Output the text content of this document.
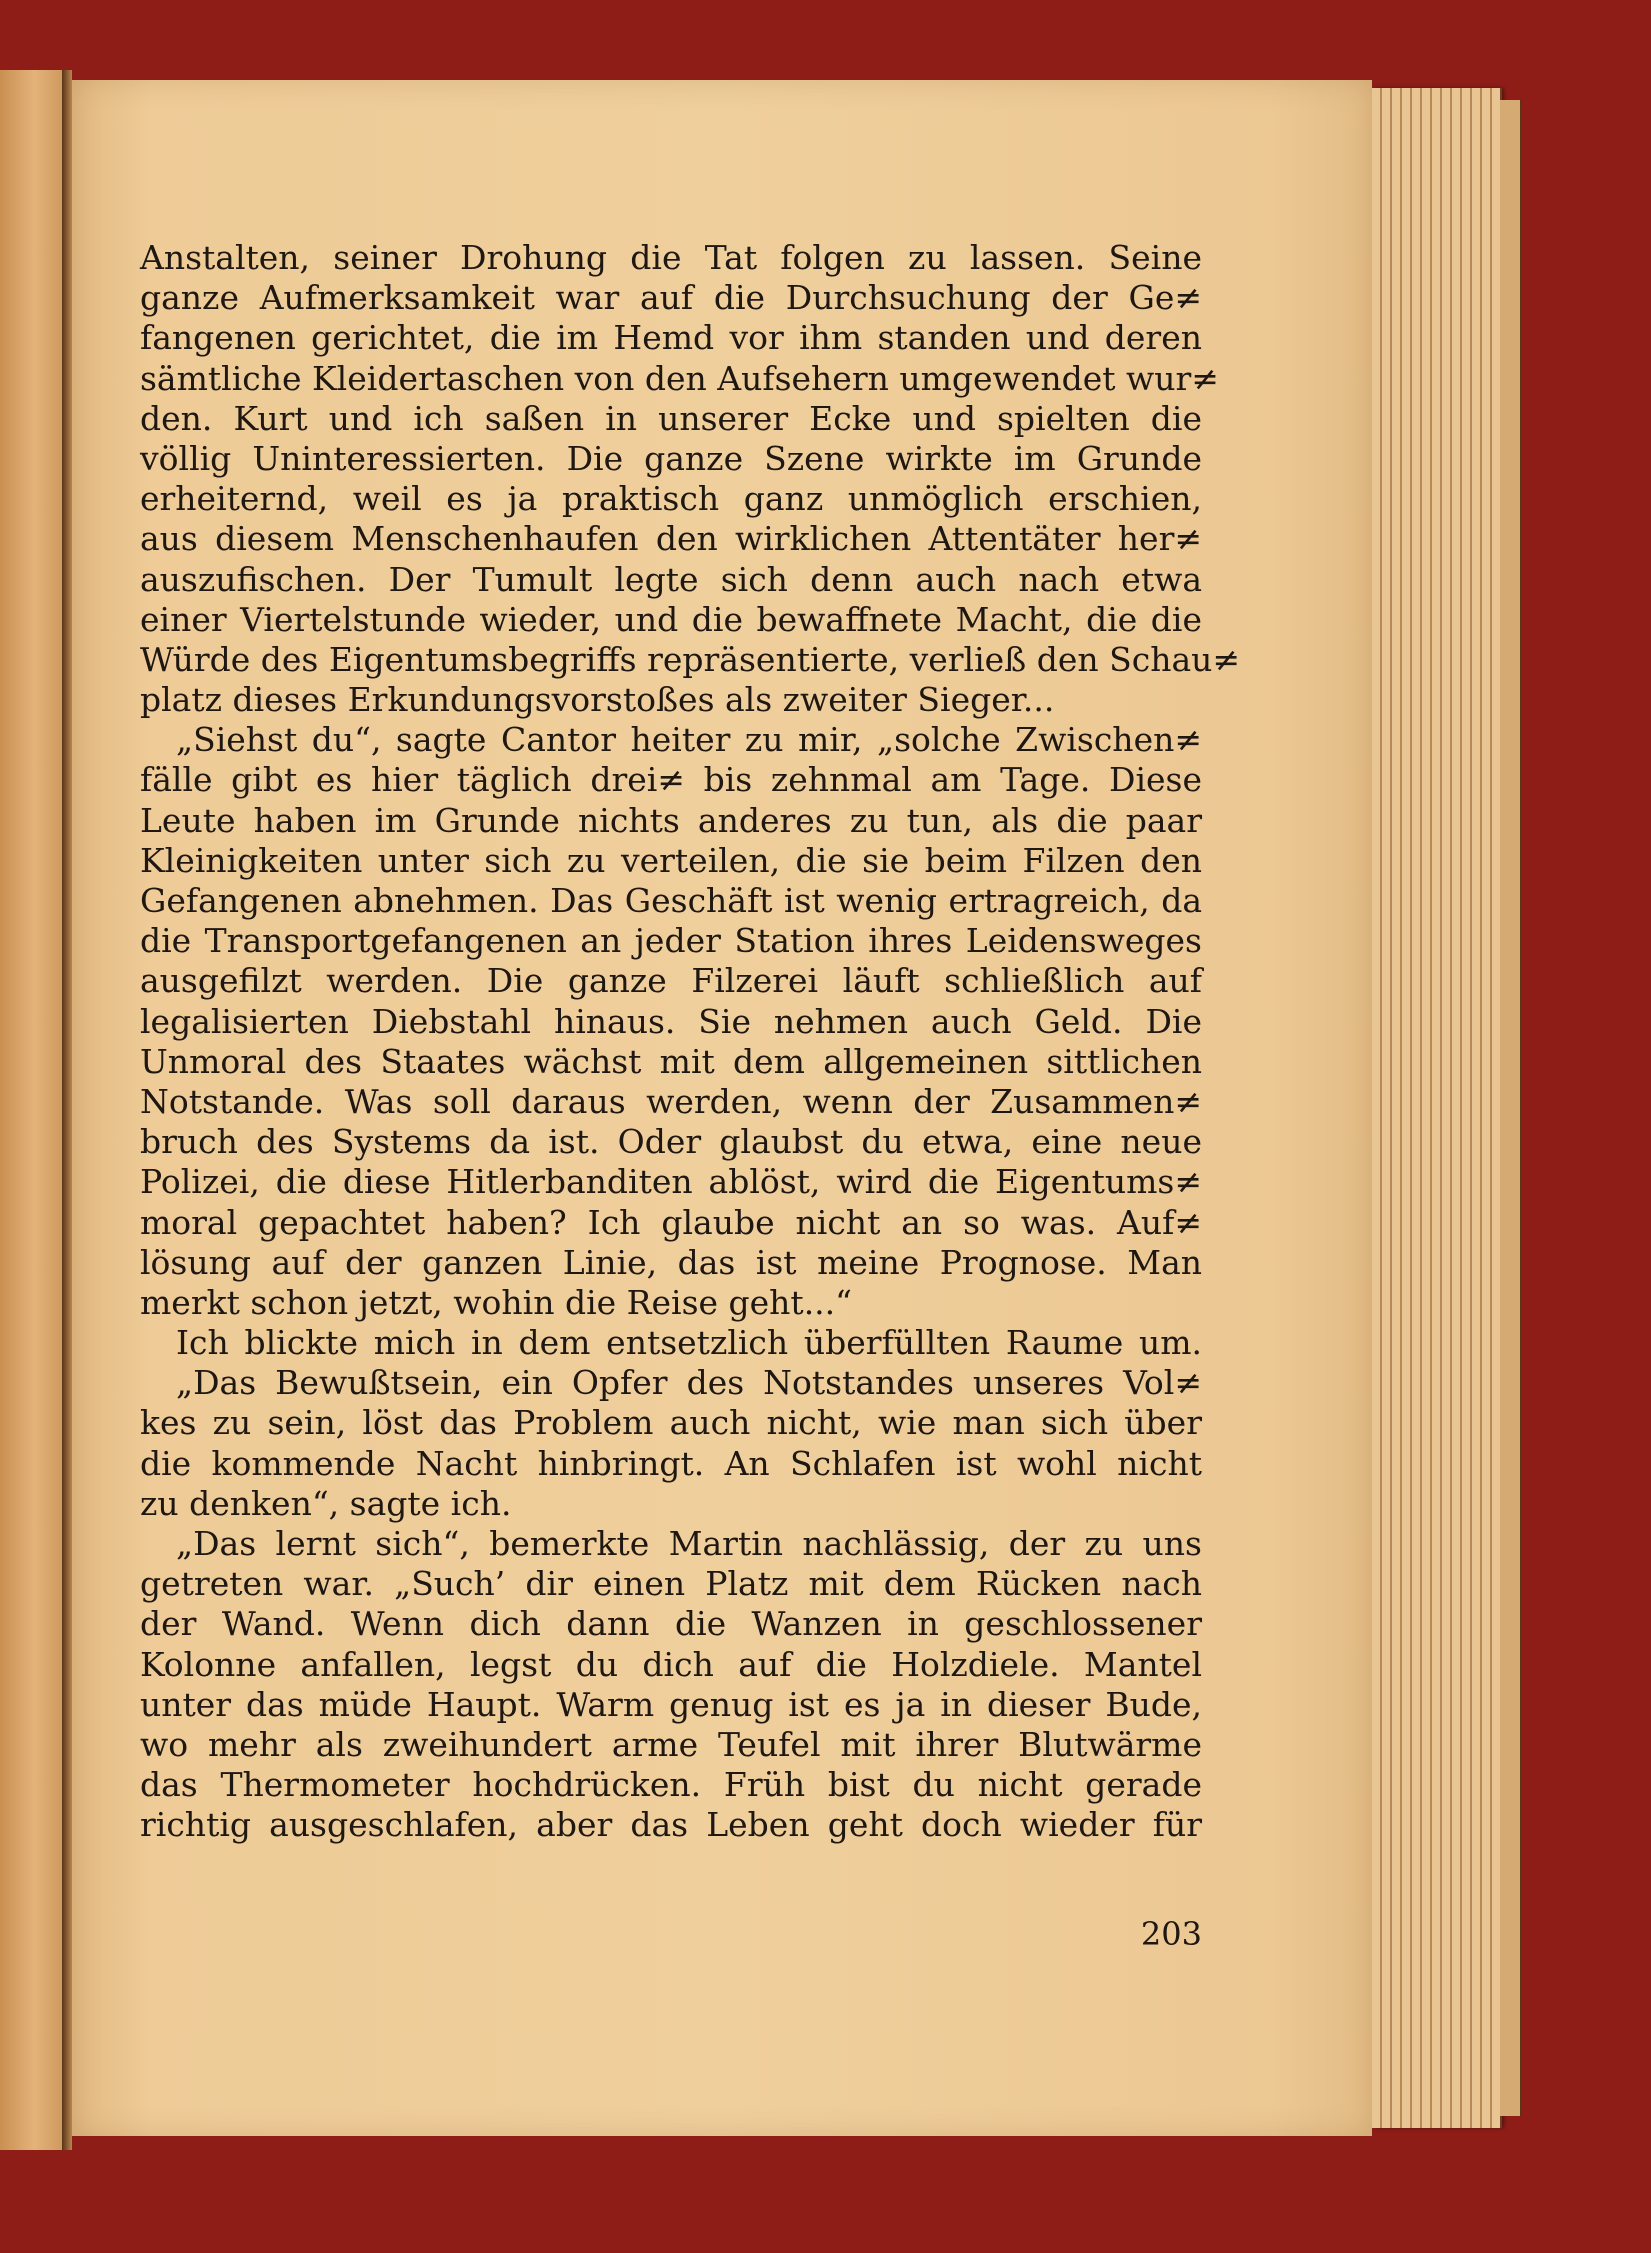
Anstalten, seiner Drohung die Tat folgen zu lassen. Seine
ganze Aufmerksamkeit war auf die Durchsuchung der Ge≠
fangenen gerichtet, die im Hemd vor ihm standen und deren
sämtliche Kleidertaschen von den Aufsehern umgewendet wur≠
den. Kurt und ich saßen in unserer Ecke und spielten die
völlig Uninteressierten. Die ganze Szene wirkte im Grunde
erheiternd, weil es ja praktisch ganz unmöglich erschien,
aus diesem Menschenhaufen den wirklichen Attentäter her≠
auszufischen. Der Tumult legte sich denn auch nach etwa
einer Viertelstunde wieder, und die bewaffnete Macht, die die
Würde des Eigentumsbegriffs repräsentierte, verließ den Schau≠
platz dieses Erkundungsvorstoßes als zweiter Sieger...
„Siehst du“, sagte Cantor heiter zu mir, „solche Zwischen≠
fälle gibt es hier täglich drei≠ bis zehnmal am Tage. Diese
Leute haben im Grunde nichts anderes zu tun, als die paar
Kleinigkeiten unter sich zu verteilen, die sie beim Filzen den
Gefangenen abnehmen. Das Geschäft ist wenig ertragreich, da
die Transportgefangenen an jeder Station ihres Leidensweges
ausgefilzt werden. Die ganze Filzerei läuft schließlich auf
legalisierten Diebstahl hinaus. Sie nehmen auch Geld. Die
Unmoral des Staates wächst mit dem allgemeinen sittlichen
Notstande. Was soll daraus werden, wenn der Zusammen≠
bruch des Systems da ist. Oder glaubst du etwa, eine neue
Polizei, die diese Hitlerbanditen ablöst, wird die Eigentums≠
moral gepachtet haben? Ich glaube nicht an so was. Auf≠
lösung auf der ganzen Linie, das ist meine Prognose. Man
merkt schon jetzt, wohin die Reise geht...“
Ich blickte mich in dem entsetzlich überfüllten Raume um.
„Das Bewußtsein, ein Opfer des Notstandes unseres Vol≠
kes zu sein, löst das Problem auch nicht, wie man sich über
die kommende Nacht hinbringt. An Schlafen ist wohl nicht
zu denken“, sagte ich.
„Das lernt sich“, bemerkte Martin nachlässig, der zu uns
getreten war. „Such’ dir einen Platz mit dem Rücken nach
der Wand. Wenn dich dann die Wanzen in geschlossener
Kolonne anfallen, legst du dich auf die Holzdiele. Mantel
unter das müde Haupt. Warm genug ist es ja in dieser Bude,
wo mehr als zweihundert arme Teufel mit ihrer Blutwärme
das Thermometer hochdrücken. Früh bist du nicht gerade
richtig ausgeschlafen, aber das Leben geht doch wieder für
203
